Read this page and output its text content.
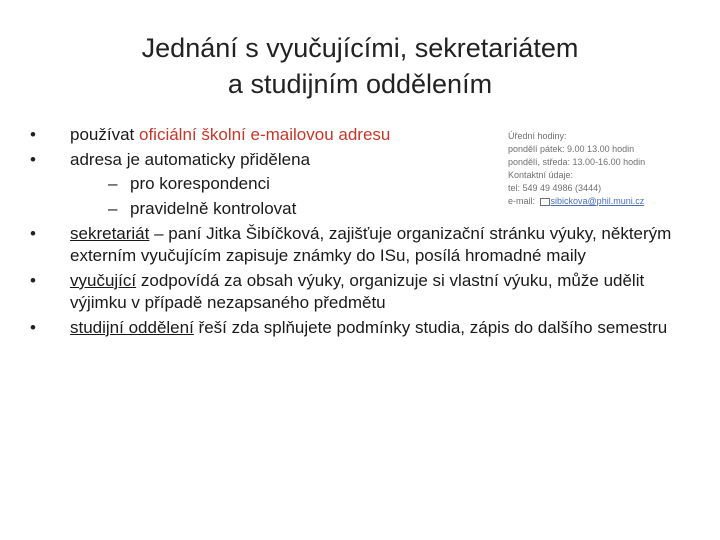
Jednání s vyučujícími, sekretariátem
a studijním oddělením
• používat oficiální školní e-mailovou adresu
• adresa je automaticky přidělena
– pro korespondenci
– pravidelně kontrolovat
• sekretariát – paní Jitka Šibíčková, zajišťuje organizační stránku výuky, některým externím vyučujícím zapisuje známky do ISu, posílá hromadné maily
• vyučující zodpovídá za obsah výuky, organizuje si vlastní výuku, může udělit výjimku v případě nezapsaného předmětu
• studijní oddělení řeší zda splňujete podmínky studia, zápis do dalšího semestru
Úřední hodiny:
pondělí pátek: 9.00 13.00 hodin
pondělí, středa: 13.00-16.00 hodin
Kontaktní údaje:
tel: 549 49 4986 (3444)
e-mail: sibickova@phil.muni.cz
